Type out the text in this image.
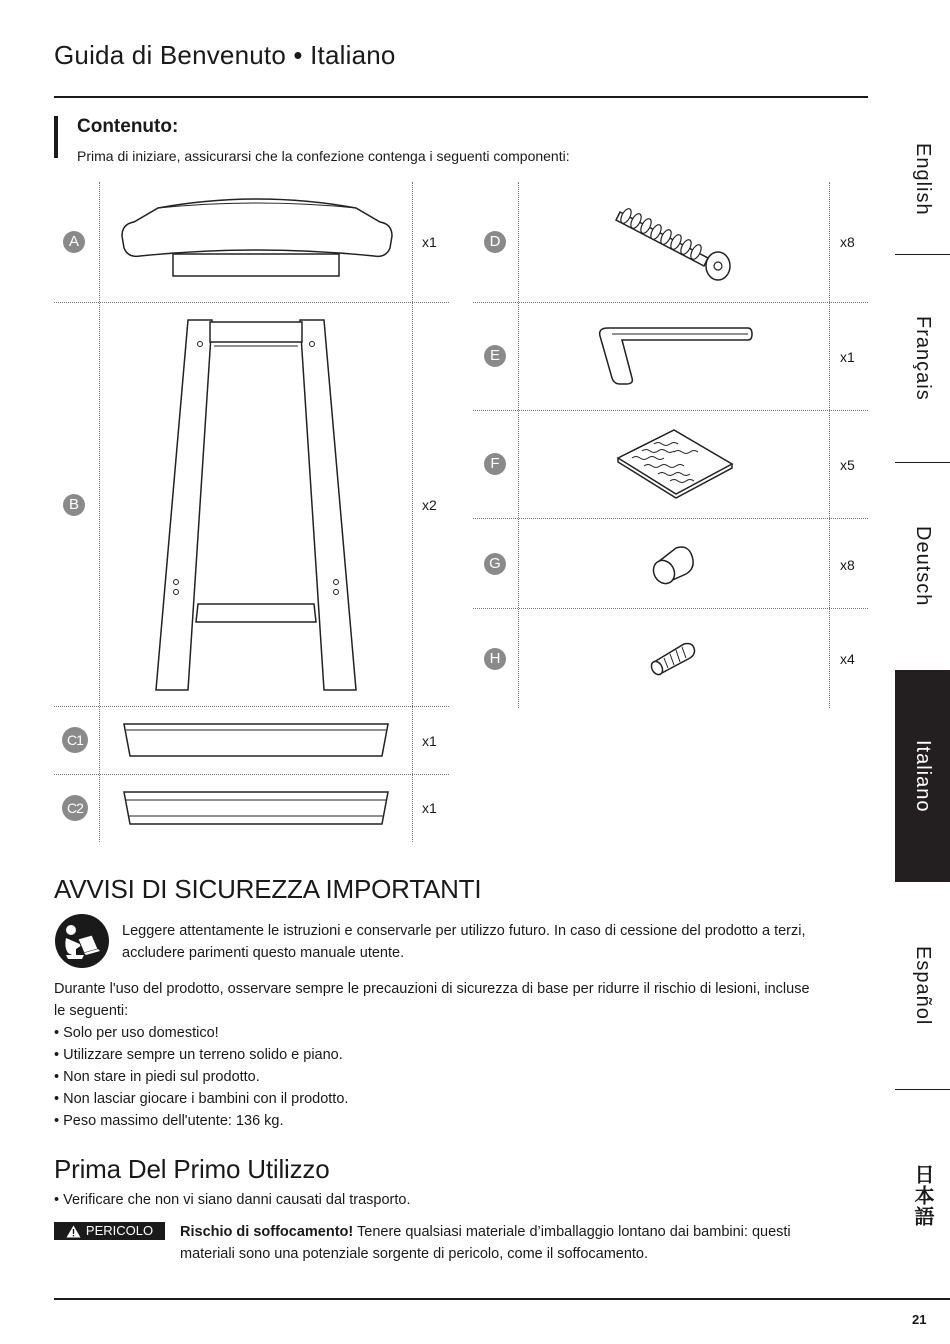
Guida di Benvenuto • Italiano
Contenuto:
Prima di iniziare, assicurarsi che la confezione contenga i seguenti componenti:
A	x1
B	x2
C1	x1
C2	x1
D	x8
E	x1
F	x5
G	x8
H	x4
English
Français
Deutsch
Italiano
Español
日本語
AVVISI DI SICUREZZA IMPORTANTI
Leggere attentamente le istruzioni e conservarle per utilizzo futuro. In caso di cessione del prodotto a terzi,
accludere parimenti questo manuale utente.
Durante l'uso del prodotto, osservare sempre le precauzioni di sicurezza di base per ridurre il rischio di lesioni, incluse
le seguenti:
• Solo per uso domestico!
• Utilizzare sempre un terreno solido e piano.
• Non stare in piedi sul prodotto.
• Non lasciar giocare i bambini con il prodotto.
• Peso massimo dell'utente: 136 kg.
Prima Del Primo Utilizzo
• Verificare che non vi siano danni causati dal trasporto.
PERICOLO Rischio di soffocamento! Tenere qualsiasi materiale d’imballaggio lontano dai bambini: questi
materiali sono una potenziale sorgente di pericolo, come il soffocamento.
21
